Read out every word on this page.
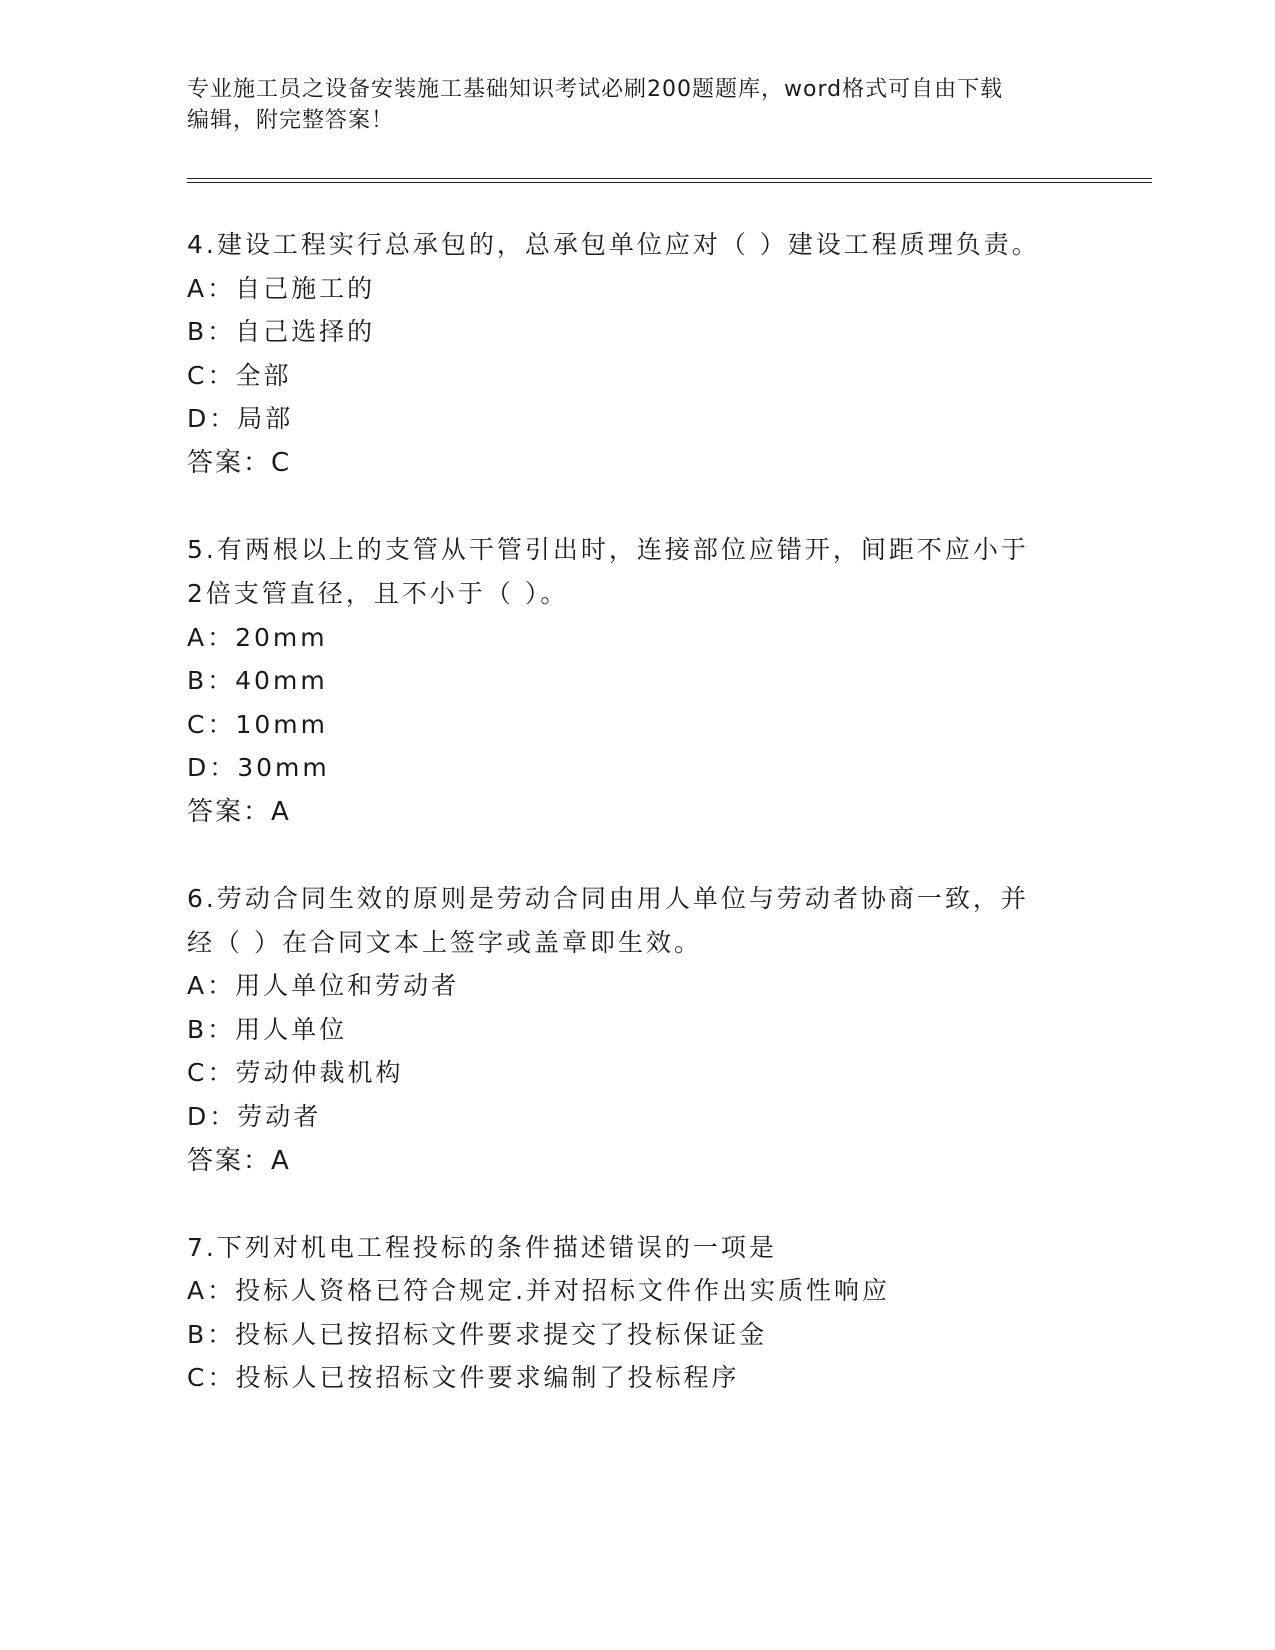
专业施工员之设备安装施工基础知识考试必刷200题题库，word格式可自由下载
编辑，附完整答案！
4.建设工程实行总承包的，总承包单位应对（ ）建设工程质理负责。
A：自己施工的
B：自己选择的
C：全部
D：局部
答案：C
5.有两根以上的支管从干管引出时，连接部位应错开，间距不应小于
2倍支管直径，且不小于（ ）。
A：20mm
B：40mm
C：10mm
D：30mm
答案：A
6.劳动合同生效的原则是劳动合同由用人单位与劳动者协商一致，并
经（ ）在合同文本上签字或盖章即生效。
A：用人单位和劳动者
B：用人单位
C：劳动仲裁机构
D：劳动者
答案：A
7.下列对机电工程投标的条件描述错误的一项是
A：投标人资格已符合规定.并对招标文件作出实质性响应
B：投标人已按招标文件要求提交了投标保证金
C：投标人已按招标文件要求编制了投标程序
